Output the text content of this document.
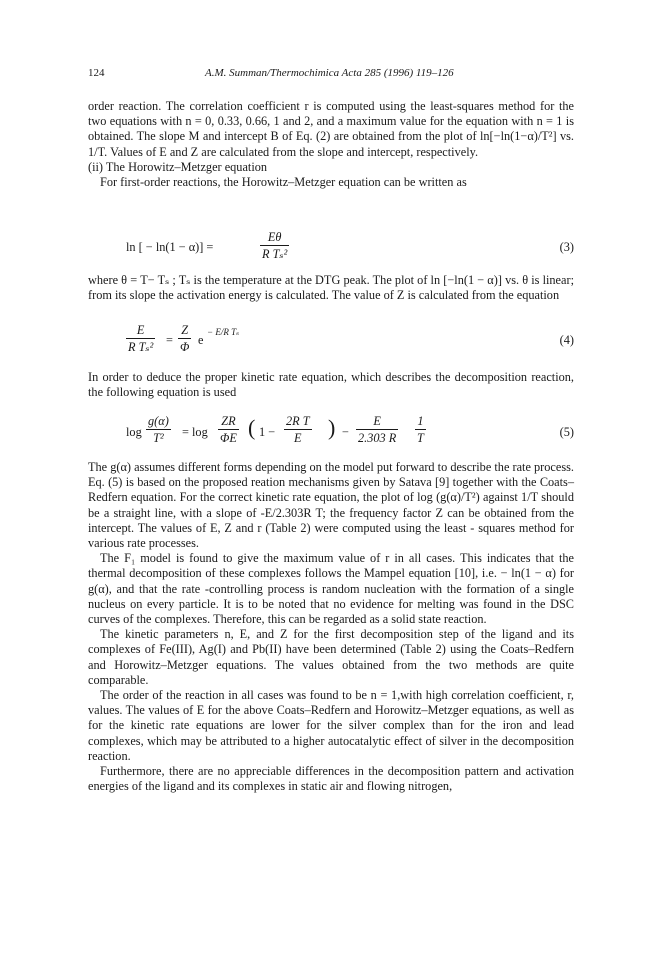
124	A.M. Summan/Thermochimica Acta 285 (1996) 119–126

order reaction. The correlation coefficient r is computed using the least-squares method for the two equations with n = 0, 0.33, 0.66, 1 and 2, and a maximum value for the equation with n = 1 is obtained. The slope M and intercept B of Eq. (2) are obtained from the plot of ln[−ln(1−α)/T²] vs. 1/T. Values of E and Z are calculated from the slope and intercept, respectively.

(ii) The Horowitz–Metzger equation

For first-order reactions, the Horowitz–Metzger equation can be written as

ln [ − ln(1 − α)] =	$\frac{E\theta}{\text{R Tₛ²}}$	(3)

where θ = T− Tₛ ; Tₛ is the temperature at the DTG peak. The plot of ln [−ln(1 − α)] vs. θ is linear; from its slope the activation energy is calculated. The value of Z is calculated from the equation

$\frac{E}{\text{R Tₛ²}} = \frac{Z}{\Phi}$ e
− E/R Tₛ
(4)

In order to deduce the proper kinetic rate equation, which describes the decomposition reaction, the following equation is used

$\log \frac{g(\alpha)}{\text{T²}} = \log \frac{ZR}{\Phi E}$ ( $1 - \frac{\text{2R T}}{E}$ ) − $\frac{E}{2.303 R} \frac{1}{T}$	(5)

The g(α) assumes different forms depending on the model put forward to describe the rate process. Eq. (5) is based on the proposed reation mechanisms given by Satava [9] together with the Coats–Redfern equation. For the correct kinetic rate equation, the plot of log (g(α)/T²) against 1/T should be a straight line, with a slope of -E/2.303R T; the frequency factor Z can be obtained from the intercept. The values of E, Z and r (Table 2) were computed using the least - squares method for various rate processes.

The F₁ model is found to give the maximum value of r in all cases. This indicates that the thermal decomposition of these complexes follows the Mampel equation [10], i.e. − ln(1 − α) for g(α), and that the rate -controlling process is random nucleation with the formation of a single nucleus on every particle. It is to be noted that no evidence for melting was found in the DSC curves of the complexes. Therefore, this can be regarded as a solid state reaction.

The kinetic parameters n, E, and Z for the first decomposition step of the ligand and its complexes of Fe(III), Ag(I) and Pb(II) have been determined (Table 2) using the Coats–Redfern and Horowitz–Metzger equations. The values obtained from the two methods are quite comparable.

The order of the reaction in all cases was found to be n = 1,with high correlation coefficient, r, values. The values of E for the above Coats–Redfern and Horowitz–Metzger equations, as well as for the kinetic rate equations are lower for the silver complex than for the iron and lead complexes, which may be attributed to a higher autocatalytic effect of silver in the decomposition reaction.

Furthermore, there are no appreciable differences in the decomposition pattern and activation energies of the ligand and its complexes in static air and flowing nitrogen,
